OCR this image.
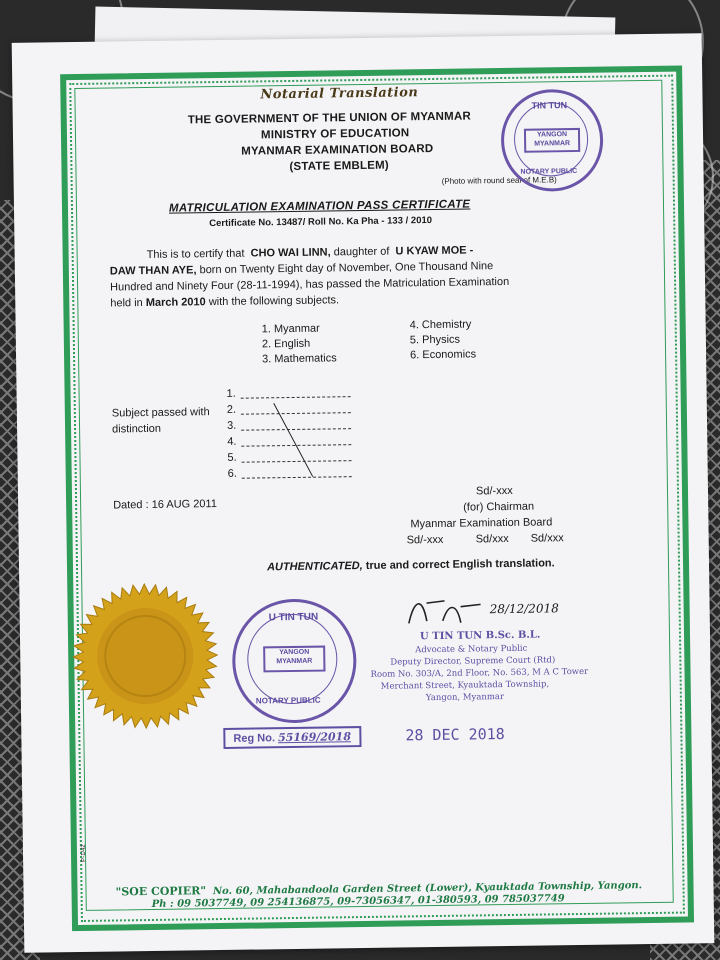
Notarial Translation
THE GOVERNMENT OF THE UNION OF MYANMAR
MINISTRY OF EDUCATION
MYANMAR EXAMINATION BOARD
(STATE EMBLEM)
(Photo with round seal of M.E.B)
TIN TUN
YANGON
MYANMAR
NOTARY PUBLIC
MATRICULATION EXAMINATION PASS CERTIFICATE
Certificate No. 13487/ Roll No. Ka Pha - 133 / 2010
This is to certify that CHO WAI LINN, daughter of U KYAW MOE -
DAW THAN AYE, born on Twenty Eight day of November, One Thousand Nine
Hundred and Ninety Four (28-11-1994), has passed the Matriculation Examination
held in March 2010 with the following subjects.
1. Myanmar
2. English
3. Mathematics
4. Chemistry
5. Physics
6. Economics
Subject passed with
distinction
1.
2.
3.
4.
5.
6.
Dated : 16 AUG 2011
Sd/-xxx
(for) Chairman
Myanmar Examination Board
Sd/-xxx	Sd/xxx Sd/xxx
AUTHENTICATED, true and correct English translation.
U TIN TUN
YANGON
MYANMAR
NOTARY PUBLIC
28/12/2018
U TIN TUN B.Sc. B.L.
Advocate & Notary Public
Deputy Director, Supreme Court (Rtd)
Room No. 303/A, 2nd Floor, No. 563, M A C Tower
Merchant Street, Kyauktada Township,
Yangon, Myanmar
Reg No. 55169/2018	28 DEC 2018
P-1/42
"SOE COPIER" No. 60, Mahabandoola Garden Street (Lower), Kyauktada Township, Yangon.
Ph : 09 5037749, 09 254136875, 09-73056347, 01-380593, 09 785037749
